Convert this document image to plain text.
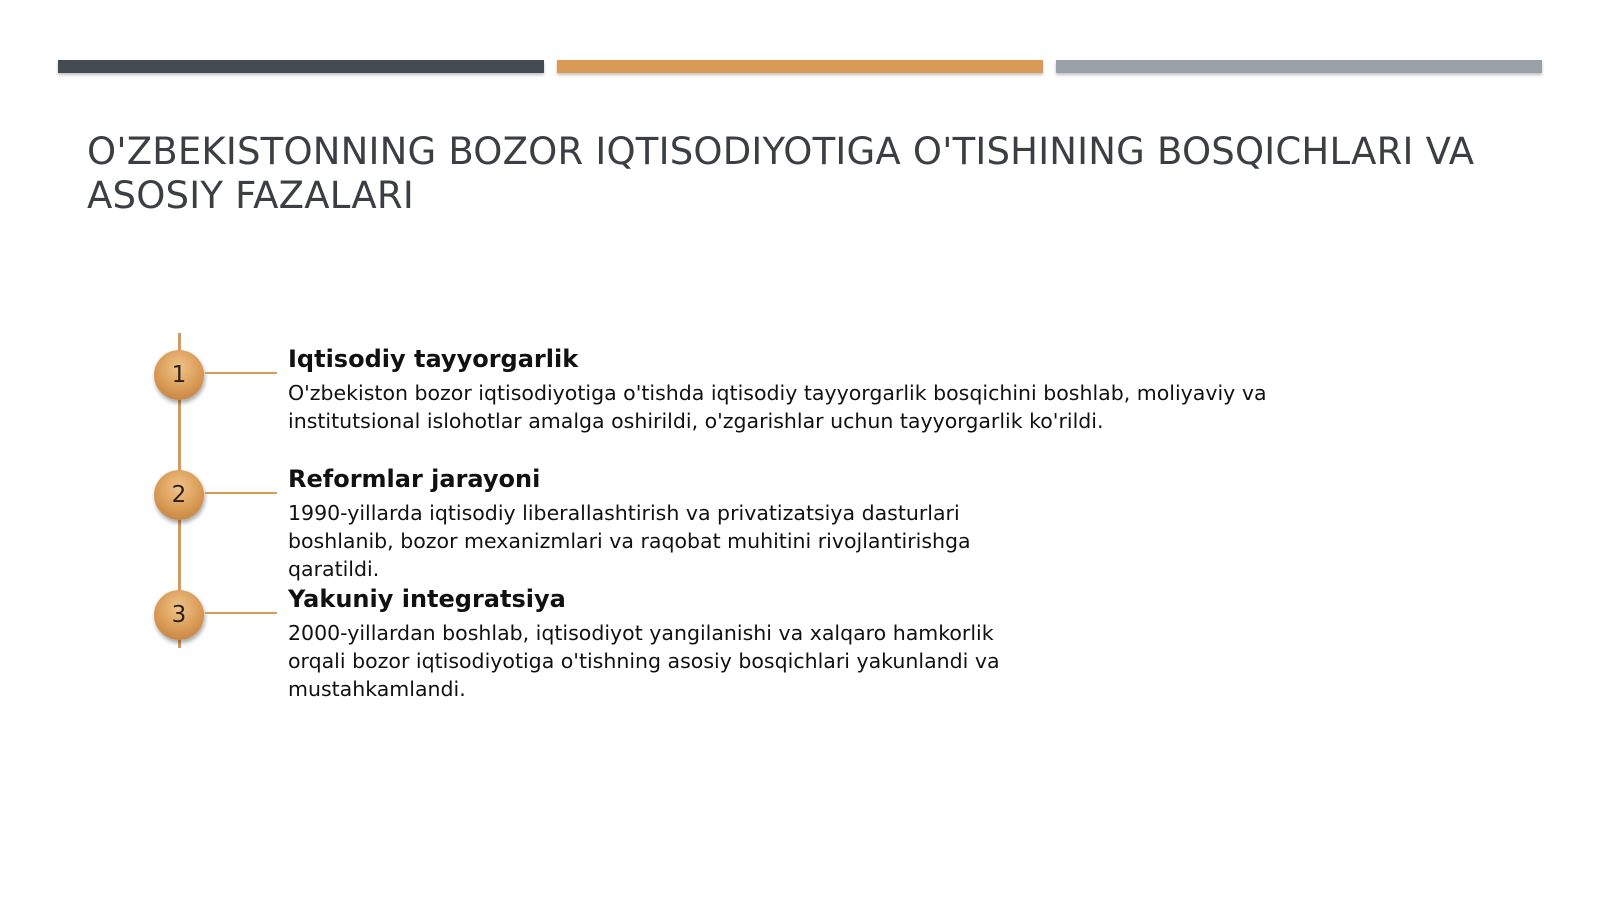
O'ZBEKISTONNING BOZOR IQTISODIYOTIGA O'TISHINING BOSQICHLARI VA ASOSIY FAZALARI
1
Iqtisodiy tayyorgarlik

O'zbekiston bozor iqtisodiyotiga o'tishda iqtisodiy tayyorgarlik bosqichini boshlab, moliyaviy va institutsional islohotlar amalga oshirildi, o'zgarishlar uchun tayyorgarlik ko'rildi.

2
Reformlar jarayoni

1990-yillarda iqtisodiy liberallashtirish va privatizatsiya dasturlari boshlanib, bozor mexanizmlari va raqobat muhitini rivojlantirishga qaratildi.

3
Yakuniy integratsiya

2000-yillardan boshlab, iqtisodiyot yangilanishi va xalqaro hamkorlik orqali bozor iqtisodiyotiga o'tishning asosiy bosqichlari yakunlandi va mustahkamlandi.
